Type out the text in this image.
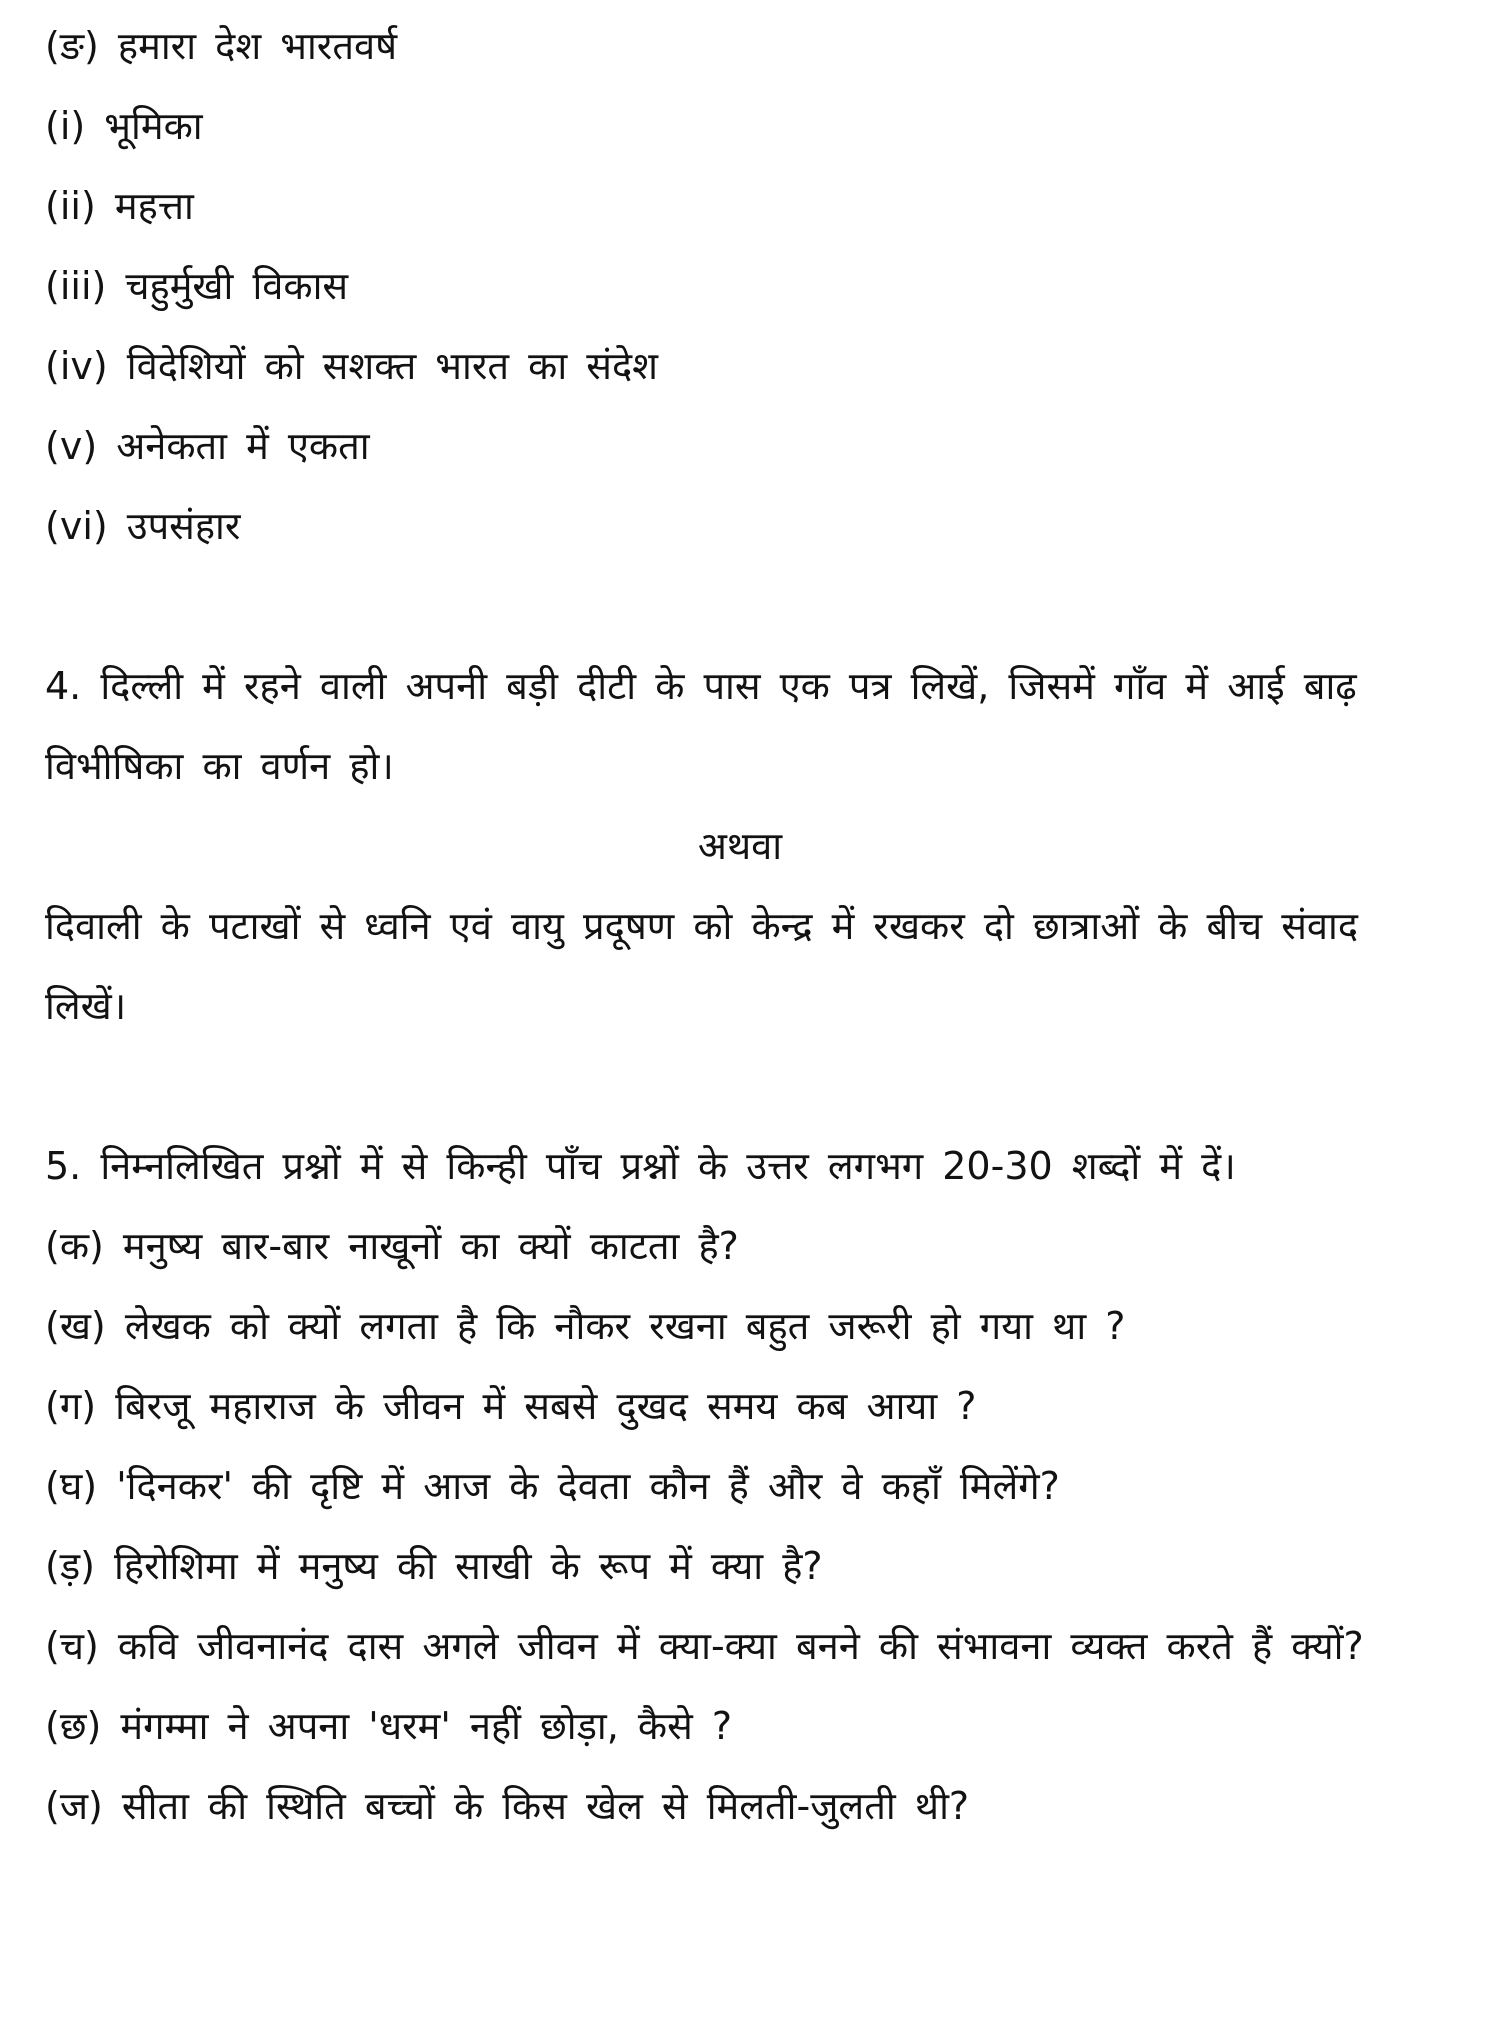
(ङ) हमारा देश भारतवर्ष

(i) भूमिका

(ii) महत्ता

(iii) चहुर्मुखी विकास

(iv) विदेशियों को सशक्त भारत का संदेश

(v) अनेकता में एकता

(vi) उपसंहार

4. दिल्ली में रहने वाली अपनी बड़ी दीटी के पास एक पत्र लिखें, जिसमें गाँव में आई बाढ़ विभीषिका का वर्णन हो।

अथवा

दिवाली के पटाखों से ध्वनि एवं वायु प्रदूषण को केन्द्र में रखकर दो छात्राओं के बीच संवाद लिखें।

5. निम्नलिखित प्रश्नों में से किन्ही पाँच प्रश्नों के उत्तर लगभग 20-30 शब्दों में दें।

(क) मनुष्य बार-बार नाखूनों का क्यों काटता है?

(ख) लेखक को क्यों लगता है कि नौकर रखना बहुत जरूरी हो गया था ?

(ग) बिरजू महाराज के जीवन में सबसे दुखद समय कब आया ?

(घ) 'दिनकर' की दृष्टि में आज के देवता कौन हैं और वे कहाँ मिलेंगे?

(ड़) हिरोशिमा में मनुष्य की साखी के रूप में क्या है?

(च) कवि जीवनानंद दास अगले जीवन में क्या-क्या बनने की संभावना व्यक्त करते हैं क्यों?

(छ) मंगम्मा ने अपना 'धरम' नहीं छोड़ा, कैसे ?

(ज) सीता की स्थिति बच्चों के किस खेल से मिलती-जुलती थी?
